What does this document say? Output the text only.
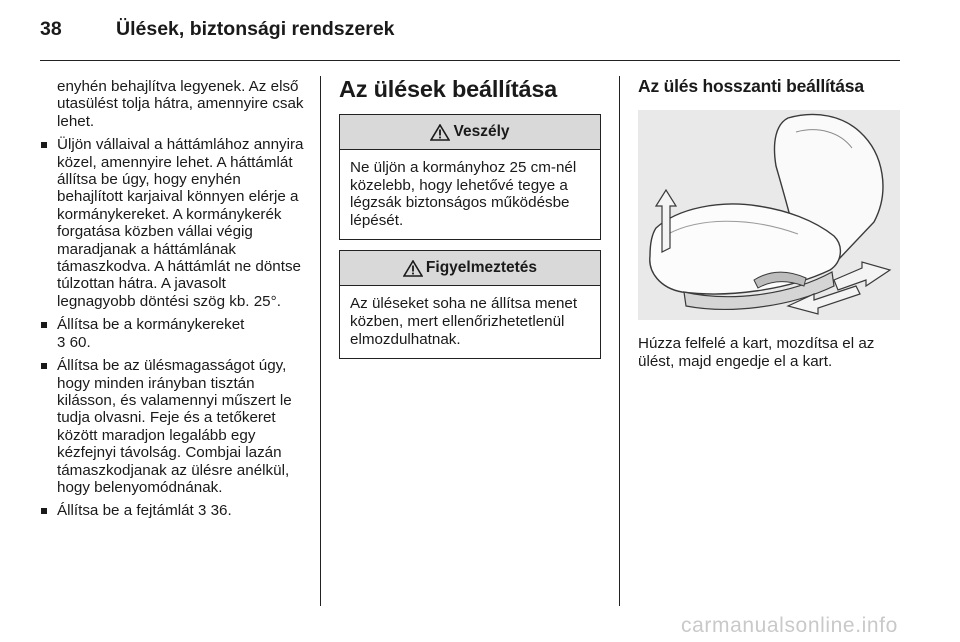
38	Ülések, biztonsági rendszerek

enyhén behajlítva legyenek. Az első utasülést tolja hátra, amennyire csak lehet.

Üljön vállaival a háttámlához annyira közel, amennyire lehet. A háttámlát állítsa be úgy, hogy enyhén behajlított karjaival könnyen elérje a kormánykereket. A kormánykerék forgatása közben vállai végig maradjanak a háttámlának támaszkodva. A háttámlát ne döntse túlzottan hátra. A javasolt legnagyobb döntési szög kb. 25°.
Állítsa be a kormánykereket
3 60.
Állítsa be az ülésmagasságot úgy, hogy minden irányban tisztán kilásson, és valamennyi műszert le tudja olvasni. Feje és a tetőkeret között maradjon legalább egy kézfejnyi távolság. Combjai lazán támaszkodjanak az ülésre anélkül, hogy belenyomódnának.
Állítsa be a fejtámlát 3 36.
Az ülések beállítása
Veszély
Ne üljön a kormányhoz 25 cm-nél közelebb, hogy lehetővé tegye a légzsák biztonságos működésbe lépését.
Figyelmeztetés
Az üléseket soha ne állítsa menet közben, mert ellenőrizhetetlenül elmozdulhatnak.
Az ülés hosszanti beállítása
Húzza felfelé a kart, mozdítsa el az ülést, majd engedje el a kart.
carmanualsonline.info
